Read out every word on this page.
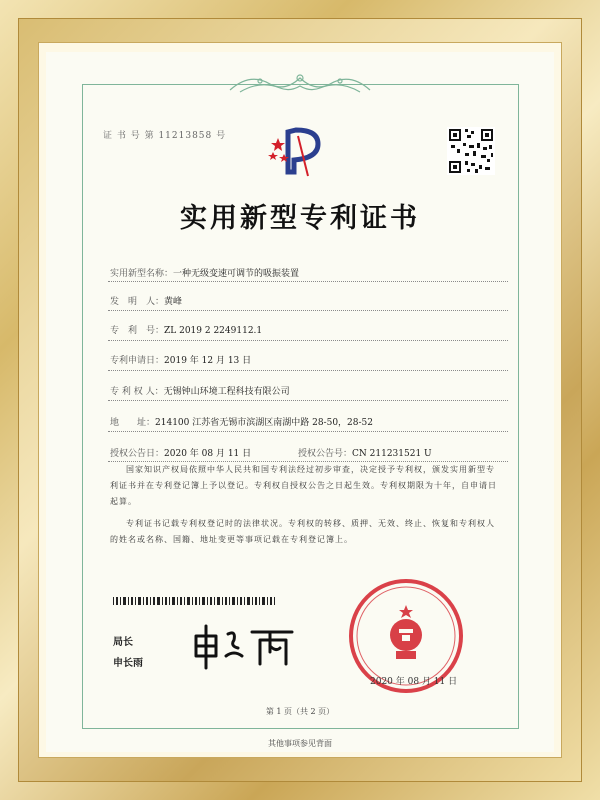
证 书 号 第 11213858 号
实用新型专利证书
实用新型名称：一种无级变速可调节的吸振装置
发　明　人：黄峰
专　利　号：ZL 2019 2 2249112.1
专利申请日：2019 年 12 月 13 日
专 利 权 人：无锡钟山环境工程科技有限公司
地　　址：214100 江苏省无锡市滨湖区南湖中路 28-50，28-52
授权公告日：2020 年 08 月 11 日	授权公告号：CN 211231521 U
国家知识产权局依照中华人民共和国专利法经过初步审查，决定授予专利权，颁发实用新型专利证书并在专利登记簿上予以登记。专利权自授权公告之日起生效。专利权期限为十年，自申请日起算。
专利证书记载专利权登记时的法律状况。专利权的转移、质押、无效、终止、恢复和专利权人的姓名或名称、国籍、地址变更等事项记载在专利登记簿上。
局长
申长雨
2020 年 08 月 11 日
第 1 页（共 2 页）
其他事项参见背面
